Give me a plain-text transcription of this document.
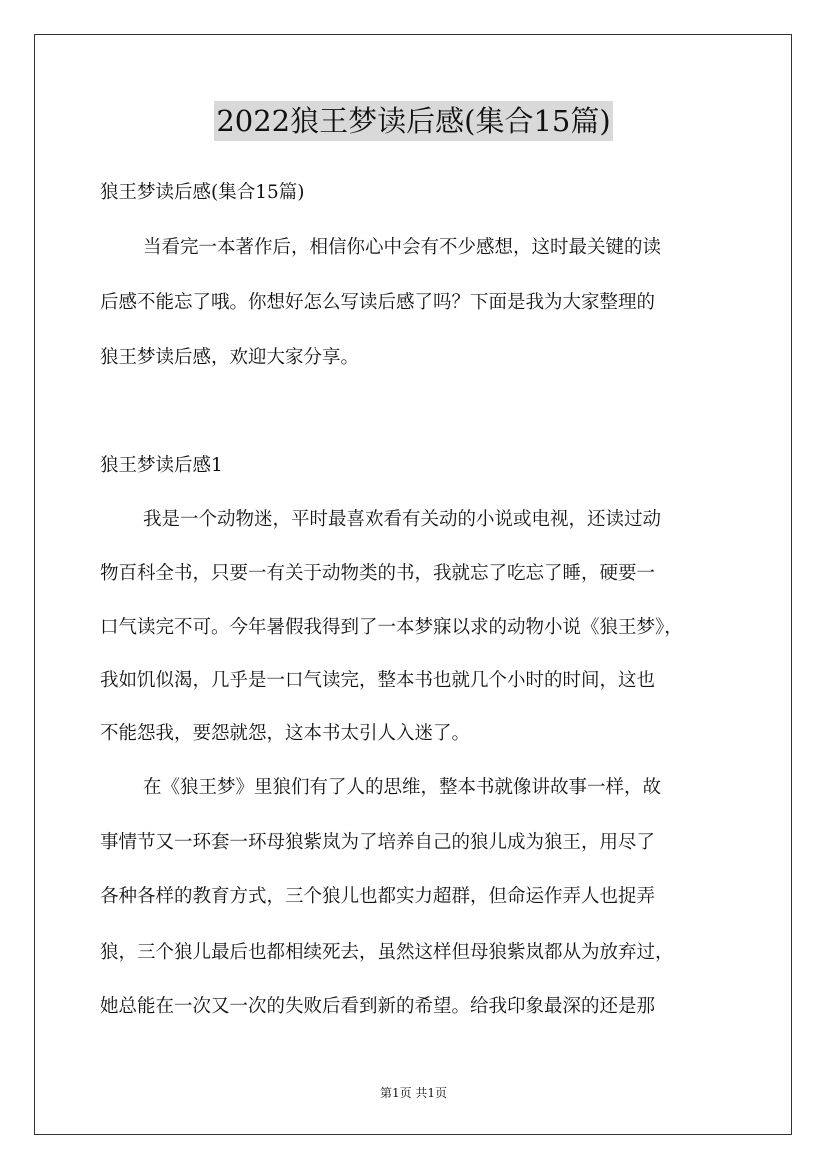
2022狼王梦读后感(集合15篇)
狼王梦读后感(集合15篇)
当看完一本著作后，相信你心中会有不少感想，这时最关键的读
后感不能忘了哦。你想好怎么写读后感了吗？下面是我为大家整理的
狼王梦读后感，欢迎大家分享。
狼王梦读后感1
我是一个动物迷，平时最喜欢看有关动的小说或电视，还读过动
物百科全书，只要一有关于动物类的书，我就忘了吃忘了睡，硬要一
口气读完不可。今年暑假我得到了一本梦寐以求的动物小说《狼王梦》，
我如饥似渴，几乎是一口气读完，整本书也就几个小时的时间，这也
不能怨我，要怨就怨，这本书太引人入迷了。
在《狼王梦》里狼们有了人的思维，整本书就像讲故事一样，故
事情节又一环套一环母狼紫岚为了培养自己的狼儿成为狼王，用尽了
各种各样的教育方式，三个狼儿也都实力超群，但命运作弄人也捉弄
狼，三个狼儿最后也都相续死去，虽然这样但母狼紫岚都从为放弃过，
她总能在一次又一次的失败后看到新的希望。给我印象最深的还是那
第1页 共1页
